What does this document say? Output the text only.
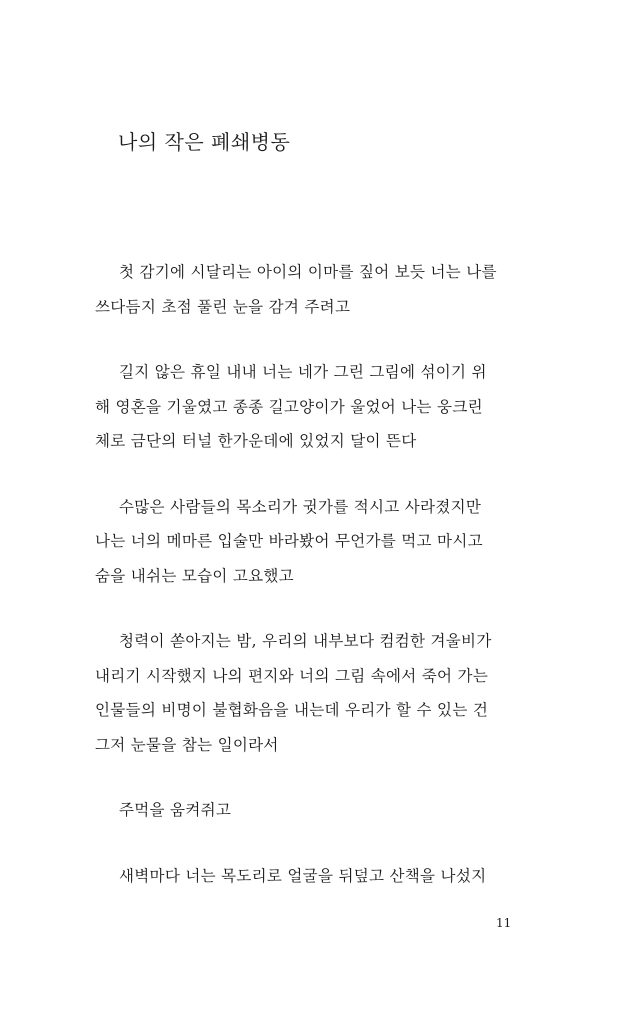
나의 작은 폐쇄병동

첫 감기에 시달리는 아이의 이마를 짚어 보듯 너는 나를
쓰다듬지 초점 풀린 눈을 감겨 주려고

길지 않은 휴일 내내 너는 네가 그린 그림에 섞이기 위
해 영혼을 기울였고 종종 길고양이가 울었어 나는 웅크린
체로 금단의 터널 한가운데에 있었지 달이 뜬다

수많은 사람들의 목소리가 귓가를 적시고 사라졌지만
나는 너의 메마른 입술만 바라봤어 무언가를 먹고 마시고
숨을 내쉬는 모습이 고요했고

청력이 쏟아지는 밤, 우리의 내부보다 컴컴한 겨울비가
내리기 시작했지 나의 편지와 너의 그림 속에서 죽어 가는
인물들의 비명이 불협화음을 내는데 우리가 할 수 있는 건
그저 눈물을 참는 일이라서

주먹을 움켜쥐고

새벽마다 너는 목도리로 얼굴을 뒤덮고 산책을 나섰지

11
